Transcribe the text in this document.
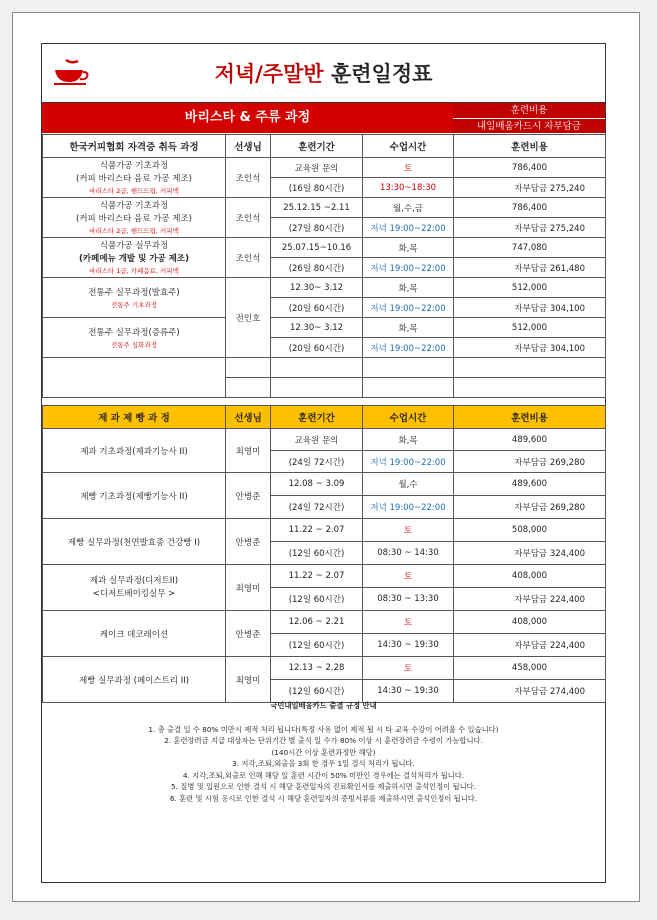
저녁/주말반 훈련일정표
바리스타 & 주류 과정	훈련비용
내일배움카드시 자부담금
한국커피협회 자격증 취득 과정	선생님	훈련기간	수업시간	훈련비용

식품가공 기초과정
(커피 바리스타 음료 가공 제조)
바리스타 2급, 핸드드립, 커피맥	조인석	교육원 문의	토	786,400
		(16일 80시간)	13:30~18:30	자부담금 275,240

식품가공 기초과정
(커피 바리스타 음료 가공 제조)
바리스타 2급, 핸드드립, 커피맥	조인석	25.12.15 ~2.11	월,수,금	786,400
		(27일 80시간)	저녁 19:00~22:00	자부담금 275,240

식품가공 실무과정
(카페메뉴 개발 및 가공 제조)
바리스타 1급, 카페음료, 커피맥	조인석	25.07.15~10.16	화,목	747,080
		(26일 80시간)	저녁 19:00~22:00	자부담금 261,480

전통주 실무과정(발효주)
전통주 기초과정	전인호	12.30~ 3.12	화,목	512,000
		(20일 60시간)	저녁 19:00~22:00	자부담금 304,100

전통주 실무과정(증류주)
전통주 심화과정		12.30~ 3.12	화,목	512,000
		(20일 60시간)	저녁 19:00~22:00	자부담금 304,100

제 과 제 빵 과 정	선생님	훈련기간	수업시간	훈련비용
제과 기초과정(제과기능사 II)	최영미	교육원 문의	화,목	489,600
		(24일 72시간)	저녁 19:00~22:00	자부담금 269,280
제빵 기초과정(제빵기능사 II)	안병준	12.08 ~ 3.09	월,수	489,600
		(24일 72시간)	저녁 19:00~22:00	자부담금 269,280
제빵 실무과정(천연발효종 건강빵 I)	안병준	11.22 ~ 2.07	토	508,000
		(12일 60시간)	08:30 ~ 14:30	자부담금 324,400

제과 실무과정(디저트II)
<디저트베이킹실무 >	최영미	11.22 ~ 2.07	토	408,000
		(12일 60시간)	08:30 ~ 13:30	자부담금 224,400
케이크 데코레이션	안병준	12.06 ~ 2.21	토	408,000
		(12일 60시간)	14:30 ~ 19:30	자부담금 224,400
제빵 실무과정 (페이스트리 II)	최영미	12.13 ~ 2.28	토	458,000
		(12일 60시간)	14:30 ~ 19:30	자부담금 274,400
국민내일배움카드 출결 규정 안내
1. 총 출결 일 수 80% 미만시 제적 처리 됩니다(특정 사유 없이 제적 될 시 타 교육 수강이 어려울 수 있습니다)
2. 훈련장려금 지급 대상자는 단위기간 별 출석 일 수가 80% 이상 시 훈련장려금 수령이 가능합니다.
(140시간 이상 훈련과정만 해당)
3. 지각,조퇴,외출을 3회 한 경우 1일 결석 처리가 됩니다.
4. 지각,조퇴,외출로 인해 해당 일 훈련 시간이 50% 미만인 경우에는 결석처리가 됩니다.
5. 질병 및 입원으로 인한 결석 시 해당 훈련일자의 진료확인서를 제출하시면 출석인정이 됩니다.
6. 훈련 및 시험 응시로 인한 결석 시 해당 훈련일자의 증빙서류를 제출하시면 출석인정이 됩니다.
